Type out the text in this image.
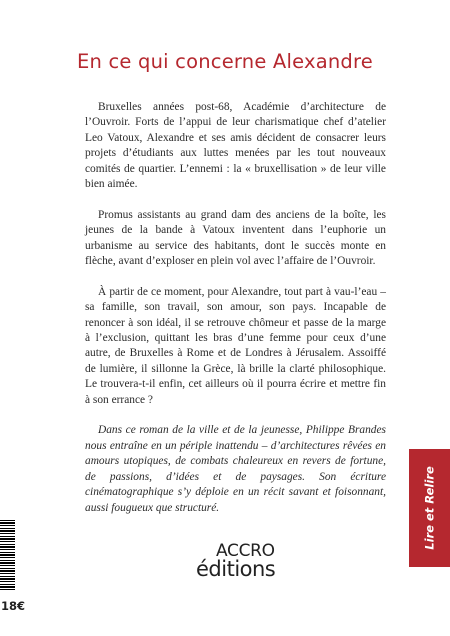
En ce qui concerne Alexandre

Bruxelles années post-68, Académie d’architecture de l’Ouvroir. Forts de l’appui de leur charismatique chef d’atelier Leo Vatoux, Alexandre et ses amis décident de consacrer leurs projets d’étudiants aux luttes menées par les tout nouveaux comités de quartier. L’ennemi : la « bruxellisation » de leur ville bien aimée.

Promus assistants au grand dam des anciens de la boîte, les jeunes de la bande à Vatoux inventent dans l’euphorie un urbanisme au service des habitants, dont le succès monte en flèche, avant d’exploser en plein vol avec l’affaire de l’Ouvroir.

À partir de ce moment, pour Alexandre, tout part à vau-l’eau – sa famille, son travail, son amour, son pays. Incapable de renoncer à son idéal, il se retrouve chômeur et passe de la marge à l’exclusion, quittant les bras d’une femme pour ceux d’une autre, de Bruxelles à Rome et de Londres à Jérusalem. Assoiffé de lumière, il sillonne la Grèce, là brille la clarté philosophique. Le trouvera-t-il enfin, cet ailleurs où il pourra écrire et mettre fin à son errance ?

Dans ce roman de la ville et de la jeunesse, Philippe Brandes nous entraîne en un périple inattendu – d’architectures rêvées en amours utopiques, de combats chaleureux en revers de fortune, de passions, d’idées et de paysages. Son écriture cinématographique s’y déploie en un récit savant et foisonnant, aussi fougueux que structuré.	Lire et Relire
ACCRO
éditions
18€
